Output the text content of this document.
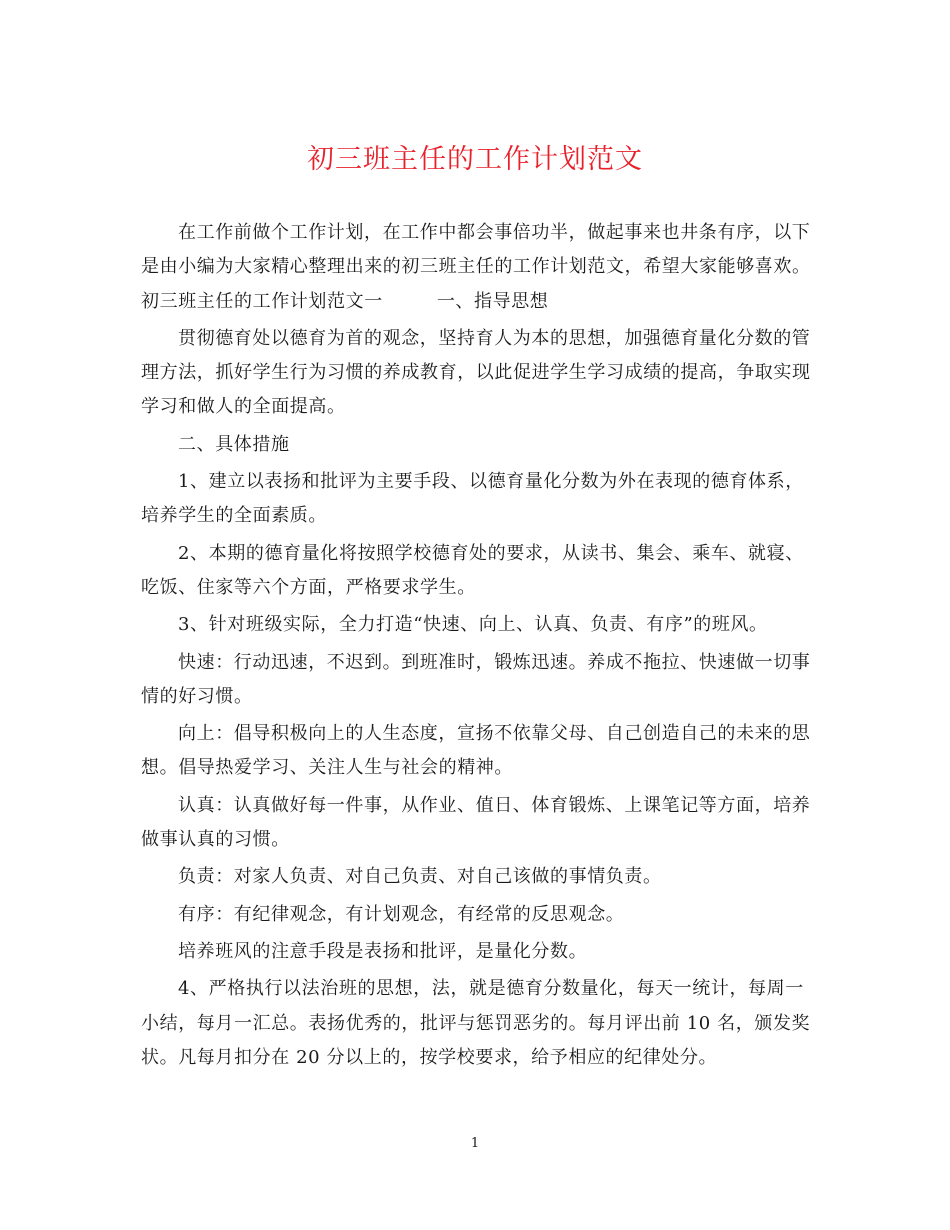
初三班主任的工作计划范文
在工作前做个工作计划，在工作中都会事倍功半，做起事来也井条有序，以下
是由小编为大家精心整理出来的初三班主任的工作计划范文，希望大家能够喜欢。
初三班主任的工作计划范文一	一、指导思想
贯彻德育处以德育为首的观念，坚持育人为本的思想，加强德育量化分数的管
理方法，抓好学生行为习惯的养成教育，以此促进学生学习成绩的提高，争取实现
学习和做人的全面提高。
二、具体措施
1、建立以表扬和批评为主要手段、以德育量化分数为外在表现的德育体系，
培养学生的全面素质。
2、本期的德育量化将按照学校德育处的要求，从读书、集会、乘车、就寝、
吃饭、住家等六个方面，严格要求学生。
3、针对班级实际，全力打造“快速、向上、认真、负责、有序”的班风。
快速：行动迅速，不迟到。到班准时，锻炼迅速。养成不拖拉、快速做一切事
情的好习惯。
向上：倡导积极向上的人生态度，宣扬不依靠父母、自己创造自己的未来的思
想。倡导热爱学习、关注人生与社会的精神。
认真：认真做好每一件事，从作业、值日、体育锻炼、上课笔记等方面，培养
做事认真的习惯。
负责：对家人负责、对自己负责、对自己该做的事情负责。
有序：有纪律观念，有计划观念，有经常的反思观念。
培养班风的注意手段是表扬和批评，是量化分数。
4、严格执行以法治班的思想，法，就是德育分数量化，每天一统计，每周一
小结，每月一汇总。表扬优秀的，批评与惩罚恶劣的。每月评出前 10 名，颁发奖
状。凡每月扣分在 20 分以上的，按学校要求，给予相应的纪律处分。
1
